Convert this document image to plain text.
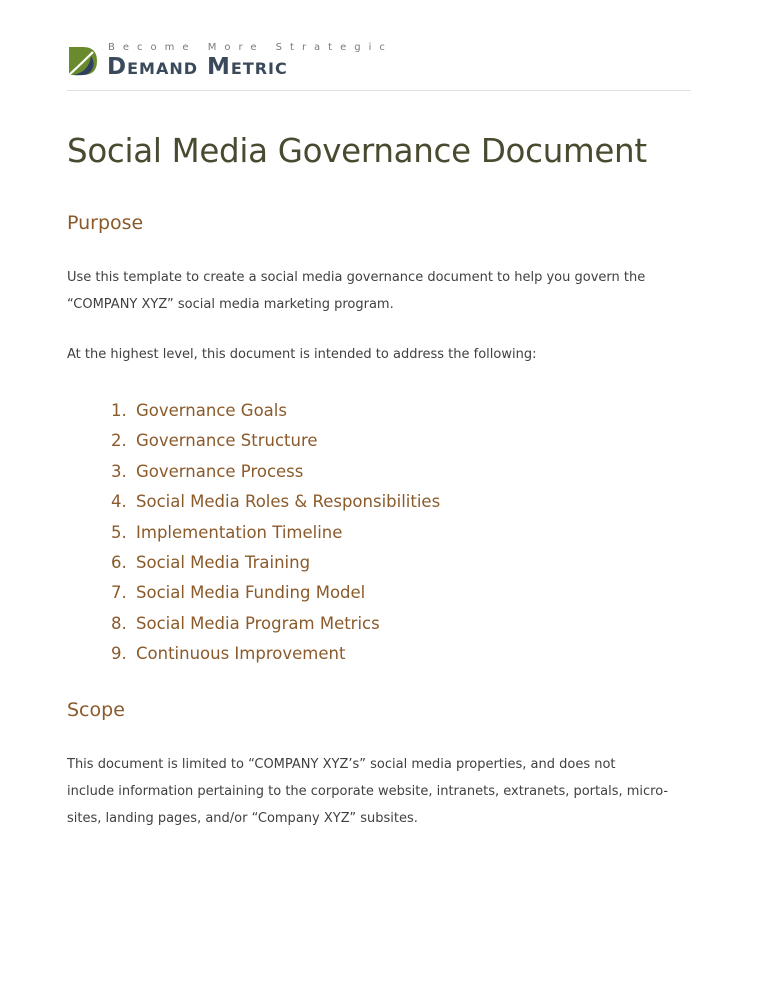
Become More Strategic
Demand Metric
Social Media Governance Document
Purpose

Use this template to create a social media governance document to help you govern the
“COMPANY XYZ” social media marketing program.

At the highest level, this document is intended to address the following:

1. Governance Goals
2. Governance Structure
3. Governance Process
4. Social Media Roles & Responsibilities
5. Implementation Timeline
6. Social Media Training
7. Social Media Funding Model
8. Social Media Program Metrics
9. Continuous Improvement
Scope

This document is limited to “COMPANY XYZ’s” social media properties, and does not
include information pertaining to the corporate website, intranets, extranets, portals, micro-
sites, landing pages, and/or “Company XYZ” subsites.
